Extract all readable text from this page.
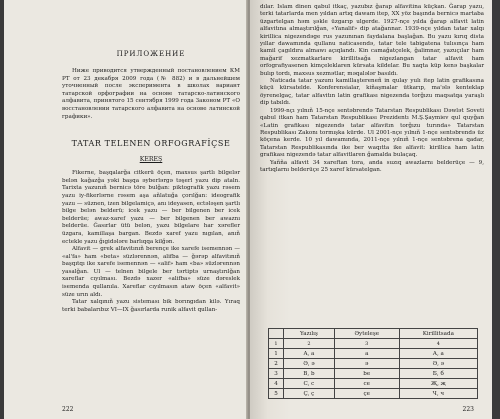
ПРИЛОЖЕНИЕ

Ниже приводится утвержденный постановлением КМ РТ от 23 декабря 2009 года (№ 882) и в дальнейшем уточненный после эксперимента в школах вариант татарской орфографии на основе татарско-латинского алфавита, принятого 15 сентября 1999 года Законом РТ «О восстановлении татарского алфавита на основе латинской графики».

TATAR TELENEN ORFOGRAFİÇSE
KEREŞ

Fikerne, başqalarğa citkerü öçen, maxsus şartlı bilgelər belən kağazğa yəki başqa əyberlərgə təşerl yazu dip ataln. Tarixta yazunıñ bernicə töre bulğan: piktografik yazu rəsem yazu iy-fikerlərne rəsem aşa añlatuğa çorılğan: ideografik yazu — süznen, izen bilgelamiçə, anı ideyasen, ectələşen şartlı bilge belən belderü; icek yazu — ber bilgenen ber icek belderüe; awaz-xaref yazu — ber bilgenen ber awaznı belderüe. Ğasırlar ütü belən, yazu bilgelare har xərefler üzgara, kamillaşa bargan. Bezdə xaref yazu nıgılan, anıñ ectekle yazu ğıgidələre barlıqqa kilğən.

Alfavit — grek alfavitınıñ berençe ike xarefe isemennən — «al'fa» ham «beta» süzlərennən, alifba — ğərəp alfavitınıñ başqıtqı ike xarefe isemennən — «alif» ham «ba» süzlərennən yasalğan. Ul — telnen bilgele ber tərtiptə urnaştırılğan xareflar cıyılması. Bezdə xazer «alifba» süze dəreslek isemenda qullanıla. Xareflar cıyılmasın ataw öçen «alfavit» süze urın aldı.

Tatar xalqınıñ yazu sisteması bik borıngıdan kilə. Yıraq terki babalarıbız VI—IX ğasırlarda runik alfavit qullan-

222

dılar. Islam dinen qabul itkaç, yazubız ğarap alfavitina küçkan. Ğarap yazu, terki tatarlarda men yıldan artıq dawam itep, XX yöz başında bernicə martaba üzgartelgan həm şəkle üzgarıp ulgerde. 1927-nçe yılda ğarap alfavit latin alfavitına almaştırılğan, «Yanalif» dip atağannar. 1939-nçe yıldan tatar xalqı kirillica nigezendəge rus yazunınan faydalana başlağan. Bu yazu kırıq dista yıllar dawamında qullanu naticasendə, tatar tele tabigatena tulısınça ham kamil çagıldıra almawı açıqlandı. Kin camağatçelek, ğalimnar, yazuçılar ham mağarif xezmatkarlare kirillitsağa nigezlangan tatar alfavit ham orfografiyasenen kimçeleklaren kürsata kildelar. Bu xaqta küp kenə başkalar bulıp tordı, maxsus xezmətlar, məqalələr basıldı.

Naticada tatar yazunı kamillaştereneñ in qulay yulı itep latin grafikasına küçü kürsatelde. Konferensialar, kiñaşmalar ütkarıp, ma'ələ kenteklap öyrenelgaç, tatar alfavitın latin grafikası nigezenda torğızu maqsatqa yaraşlı dip tabıldı.

1999-nçı yılnıñ 15-nçe sentəbrendə Tatarstan Respublikası Dəwlət Soveti qabul itkan ham Tatarstan Respublikası Prezidentı M.Ş.Şaymiev qul quyğan «Latin grafikası nigezendə tatar alfavitın torğızu turında» Tatarstan Respublikası Zakonı tormışka kürde. Ul 2001-nçe yılnıñ 1-nçe sentəbrendə üz köçena kerde. 10 yıl dawamında, 2011-nçe yılnıñ 1-nçe sentəbrena qadar, Tatarstan Respublikasında ike ber waqıtta ike alfavit: kirillica ham latin grafikası nigezendə tatar alfavitlaren ğamalda bulaçaq.

Yañña alfavit 34 xareftan tora, anda suzıq awazlarnı belderüçe — 9, tartıqlarnı belderüçe 25 xaref kürsatelgan.

	Yazılış	Əyteleşe	Kirillitsada
1	2	3	4
1	A, a	a	А, а
2	Ə, ə	ə	Ә, ә
3	B, b	be	Б, б
4	C, c	ce	Җ, җ
5	Ç, ç	çe	Ч, ч
223
